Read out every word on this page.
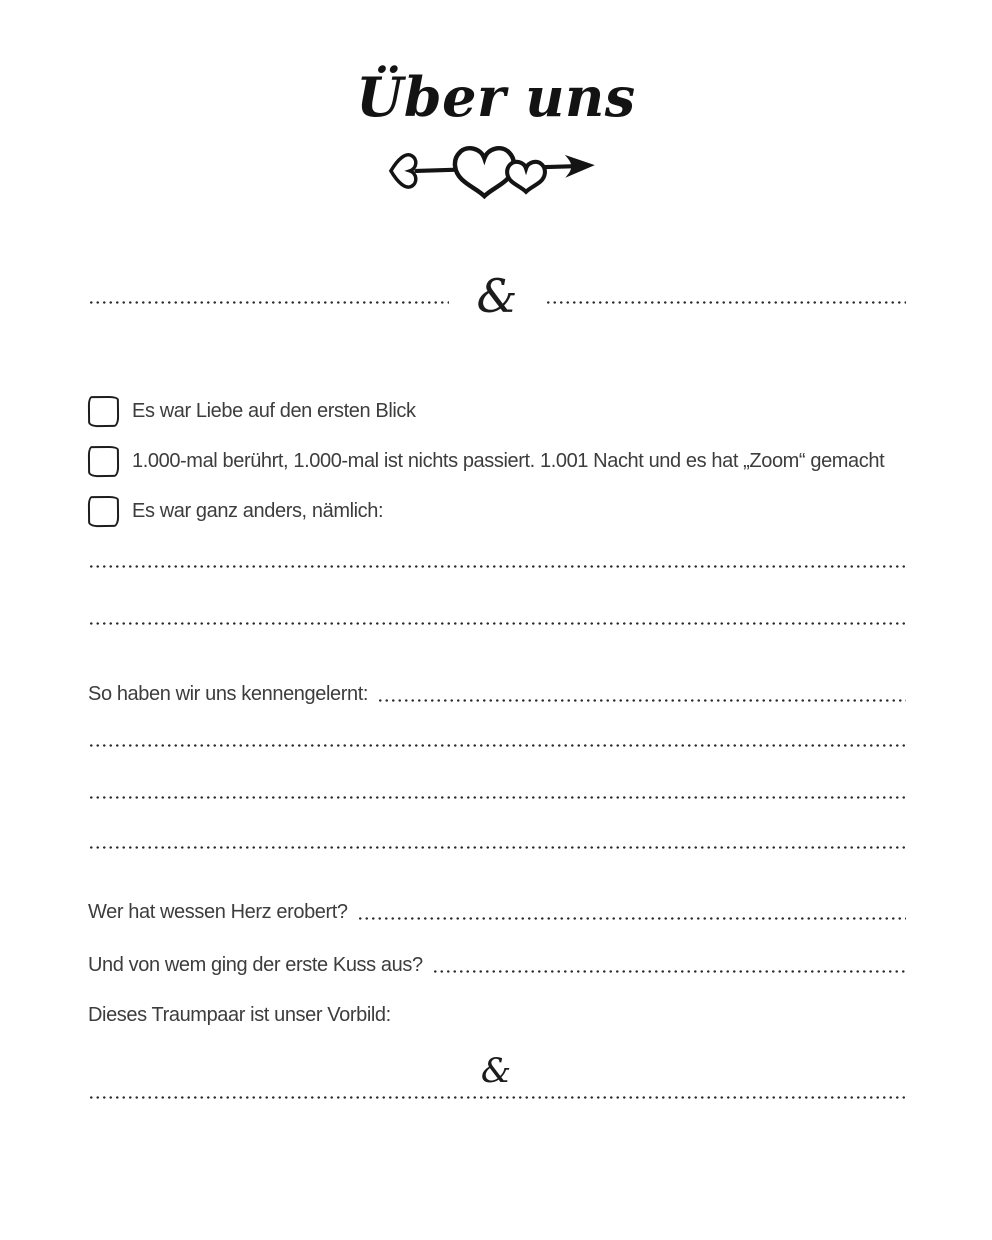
Über uns
&
Es war Liebe auf den ersten Blick
1.000-mal berührt, 1.000-mal ist nichts passiert. 1.001 Nacht und es hat „Zoom“ gemacht
Es war ganz anders, nämlich:
So haben wir uns kennengelernt:
Wer hat wessen Herz erobert?
Und von wem ging der erste Kuss aus?
Dieses Traumpaar ist unser Vorbild:
&
